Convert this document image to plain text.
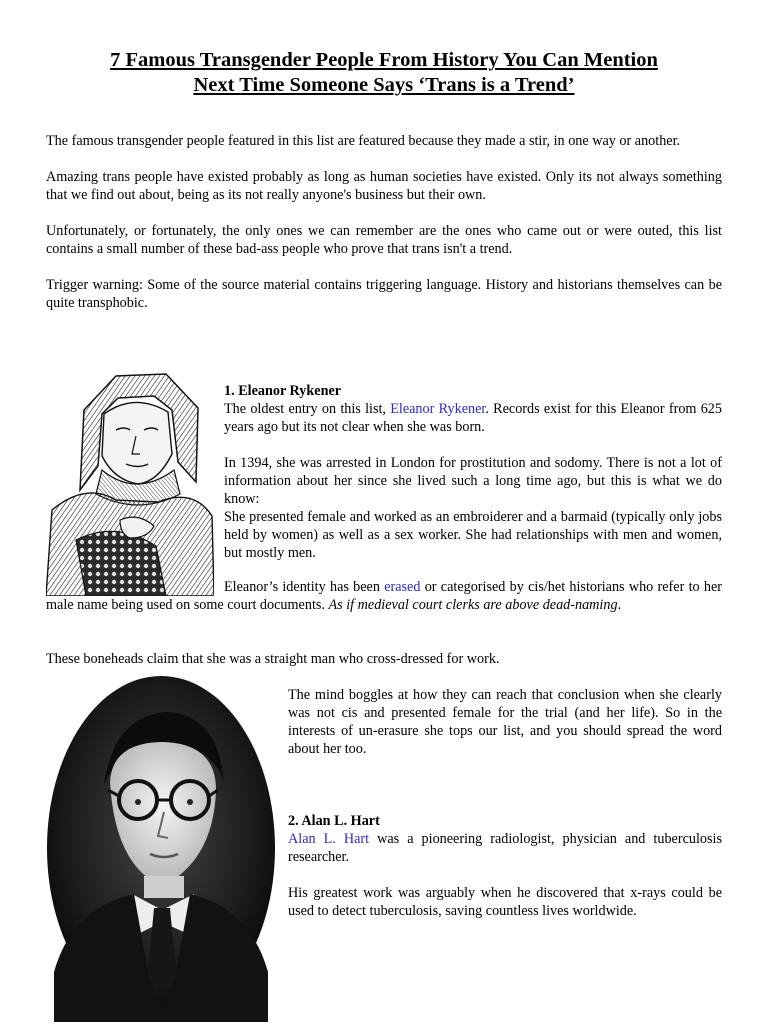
7 Famous Transgender People From History You Can Mention
Next Time Someone Says ‘Trans is a Trend’

The famous transgender people featured in this list are featured because they made a stir, in one way or another.

Amazing trans people have existed probably as long as human societies have existed. Only its not always something that we find out about, being as its not really anyone's business but their own.

Unfortunately, or fortunately, the only ones we can remember are the ones who came out or were outed, this list contains a small number of these bad-ass people who prove that trans isn't a trend.

Trigger warning: Some of the source material contains triggering language. History and historians themselves can be quite transphobic.

1. Eleanor Rykener

The oldest entry on this list, Eleanor Rykener. Records exist for this Eleanor from 625 years ago but its not clear when she was born.

In 1394, she was arrested in London for prostitution and sodomy. There is not a lot of information about her since she lived such a long time ago, but this is what we do know:

She presented female and worked as an embroiderer and a barmaid (typically only jobs held by women) as well as a sex worker. She had relationships with men and women, but mostly men.

Eleanor’s identity has been erased or categorised by cis/het historians who refer to her male name being used on some court documents. As if medieval court clerks are above dead-naming.

These boneheads claim that she was a straight man who cross-dressed for work.

The mind boggles at how they can reach that conclusion when she clearly was not cis and presented female for the trial (and her life). So in the interests of un-erasure she tops our list, and you should spread the word about her too.

2. Alan L. Hart

Alan L. Hart was a pioneering radiologist, physician and tuberculosis researcher.

His greatest work was arguably when he discovered that x-rays could be used to detect tuberculosis, saving countless lives worldwide.
